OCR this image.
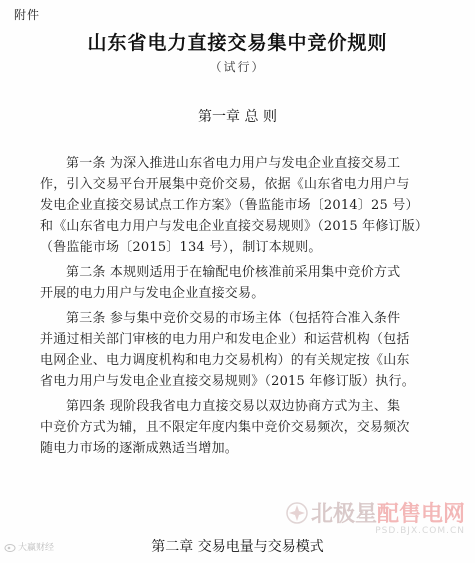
附件
山东省电力直接交易集中竞价规则
（试行）
第一章 总 则
第一条 为深入推进山东省电力用户与发电企业直接交易工
作，引入交易平台开展集中竞价交易，依据《山东省电力用户与
发电企业直接交易试点工作方案》（鲁监能市场〔2014〕25 号）
和《山东省电力用户与发电企业直接交易规则》（2015 年修订版）
（鲁监能市场〔2015〕134 号），制订本规则。
第二条 本规则适用于在输配电价核准前采用集中竞价方式
开展的电力用户与发电企业直接交易。
第三条 参与集中竞价交易的市场主体（包括符合准入条件
并通过相关部门审核的电力用户和发电企业）和运营机构（包括
电网企业、电力调度机构和电力交易机构）的有关规定按《山东
省电力用户与发电企业直接交易规则》（2015 年修订版）执行。
第四条 现阶段我省电力直接交易以双边协商方式为主、集
中竞价方式为辅，且不限定年度内集中竞价交易频次，交易频次
随电力市场的逐渐成熟适当增加。
第二章 交易电量与交易模式
北极星 配售电网
PSD.BJX.COM.CN
大赢财经
